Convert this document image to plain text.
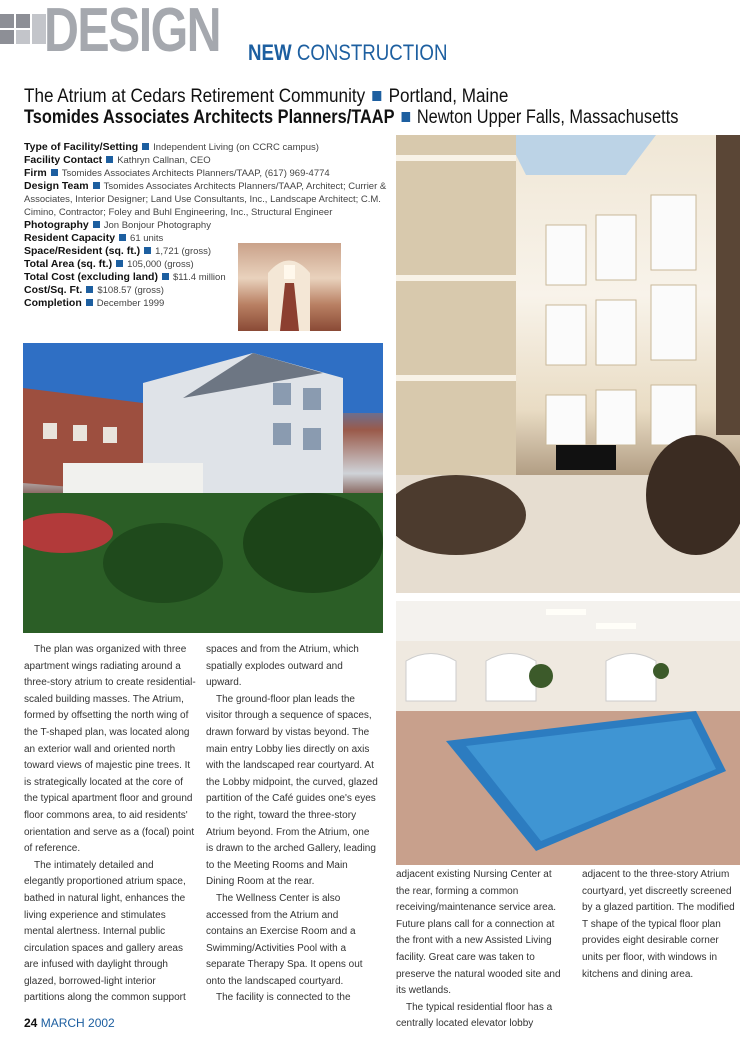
DESIGN NEW CONSTRUCTION
The Atrium at Cedars Retirement Community Portland, Maine
Tsomides Associates Architects Planners/TAAP Newton Upper Falls, Massachusetts
Type of Facility/Setting Independent Living (on CCRC campus)
Facility Contact Kathryn Callnan, CEO
Firm Tsomides Associates Architects Planners/TAAP, (617) 969-4774
Design Team Tsomides Associates Architects Planners/TAAP, Architect; Currier & Associates, Interior Designer; Land Use Consultants, Inc., Landscape Architect; C.M. Cimino, Contractor; Foley and Buhl Engineering, Inc., Structural Engineer
Photography Jon Bonjour Photography
Resident Capacity 61 units
Space/Resident (sq. ft.) 1,721 (gross)
Total Area (sq. ft.) 105,000 (gross)
Total Cost (excluding land) $11.4 million
Cost/Sq. Ft. $108.57 (gross)
Completion December 1999

The plan was organized with three apartment wings radiating around a three-story atrium to create residential-scaled building masses. The Atrium, formed by offsetting the north wing of the T-shaped plan, was located along an exterior wall and oriented north toward views of majestic pine trees. It is strategically located at the core of the typical apartment floor and ground floor commons area, to aid residents' orientation and serve as a (focal) point of reference.

The intimately detailed and elegantly proportioned atrium space, bathed in natural light, enhances the living experience and stimulates mental alertness. Internal public circulation spaces and gallery areas are infused with daylight through glazed, borrowed-light interior partitions along the common support

spaces and from the Atrium, which spatially explodes outward and upward.

The ground-floor plan leads the visitor through a sequence of spaces, drawn forward by vistas beyond. The main entry Lobby lies directly on axis with the landscaped rear courtyard. At the Lobby midpoint, the curved, glazed partition of the Café guides one's eyes to the right, toward the three-story Atrium beyond. From the Atrium, one is drawn to the arched Gallery, leading to the Meeting Rooms and Main Dining Room at the rear.

The Wellness Center is also accessed from the Atrium and contains an Exercise Room and a Swimming/Activities Pool with a separate Therapy Spa. It opens out onto the landscaped courtyard.

The facility is connected to the

adjacent existing Nursing Center at the rear, forming a common receiving/maintenance service area. Future plans call for a connection at the front with a new Assisted Living facility. Great care was taken to preserve the natural wooded site and its wetlands.

The typical residential floor has a centrally located elevator lobby

adjacent to the three-story Atrium courtyard, yet discreetly screened by a glazed partition. The modified T shape of the typical floor plan provides eight desirable corner units per floor, with windows in kitchens and dining area.

24 MARCH 2002
